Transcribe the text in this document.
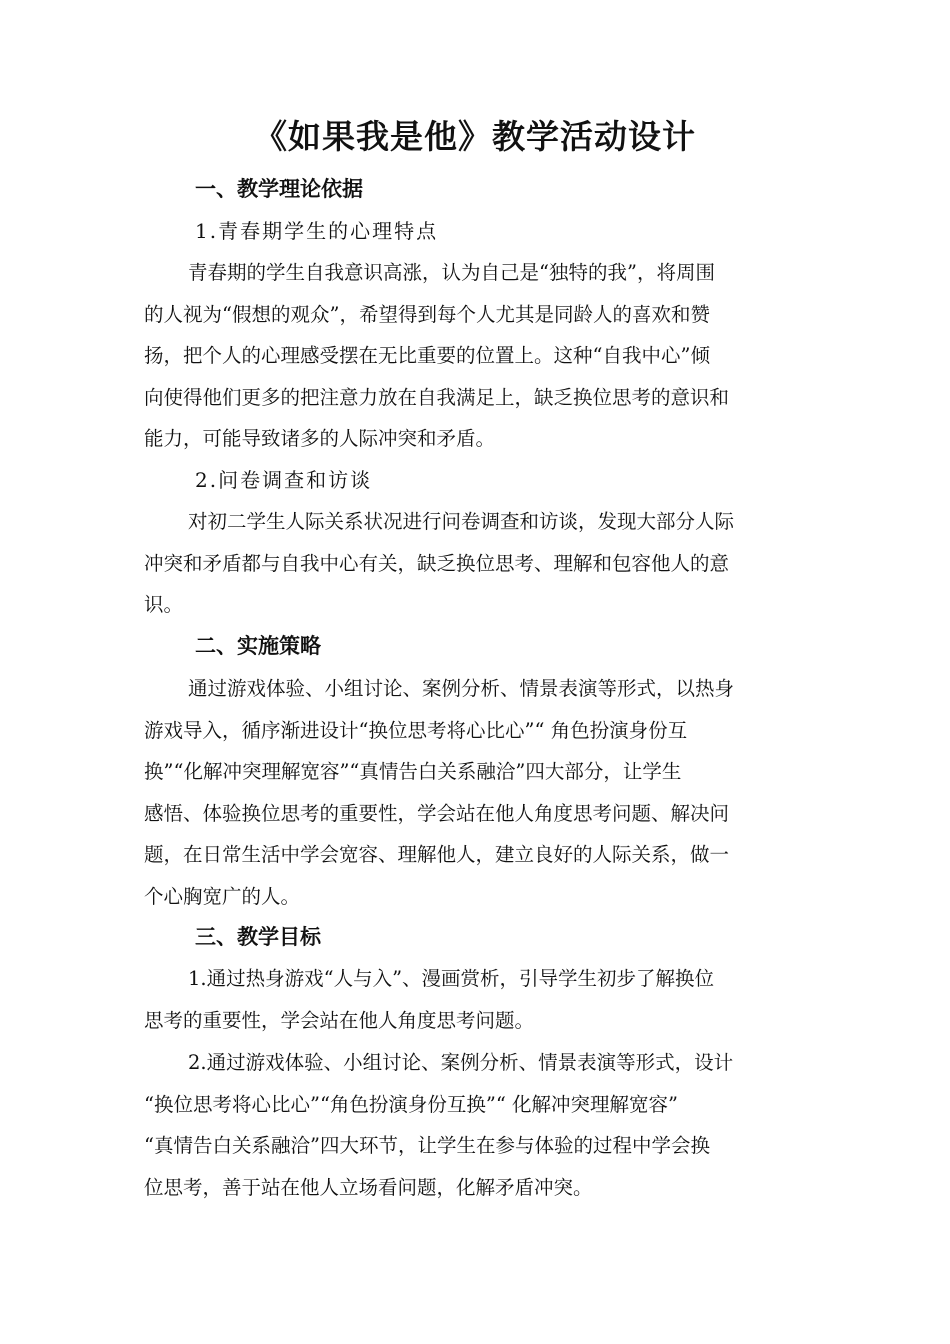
《如果我是他》教学活动设计
一、教学理论依据
1.青春期学生的心理特点
青春期的学生自我意识高涨，认为自己是“独特的我”，将周围
的人视为“假想的观众”，希望得到每个人尤其是同龄人的喜欢和赞
扬，把个人的心理感受摆在无比重要的位置上。这种“自我中心”倾
向使得他们更多的把注意力放在自我满足上，缺乏换位思考的意识和
能力，可能导致诸多的人际冲突和矛盾。
2.问卷调查和访谈
对初二学生人际关系状况进行问卷调查和访谈，发现大部分人际
冲突和矛盾都与自我中心有关，缺乏换位思考、理解和包容他人的意
识。
二、实施策略
通过游戏体验、小组讨论、案例分析、情景表演等形式，以热身
游戏导入，循序渐进设计“换位思考将心比心”“ 角色扮演身份互
换”“化解冲突理解宽容”“真情告白关系融洽”四大部分，让学生
感悟、体验换位思考的重要性，学会站在他人角度思考问题、解决问
题，在日常生活中学会宽容、理解他人，建立良好的人际关系，做一
个心胸宽广的人。
三、教学目标
1.通过热身游戏“人与入”、漫画赏析，引导学生初步了解换位
思考的重要性，学会站在他人角度思考问题。
2.通过游戏体验、小组讨论、案例分析、情景表演等形式，设计
“换位思考将心比心”“角色扮演身份互换”“ 化解冲突理解宽容”
“真情告白关系融洽”四大环节，让学生在参与体验的过程中学会换
位思考，善于站在他人立场看问题，化解矛盾冲突。
